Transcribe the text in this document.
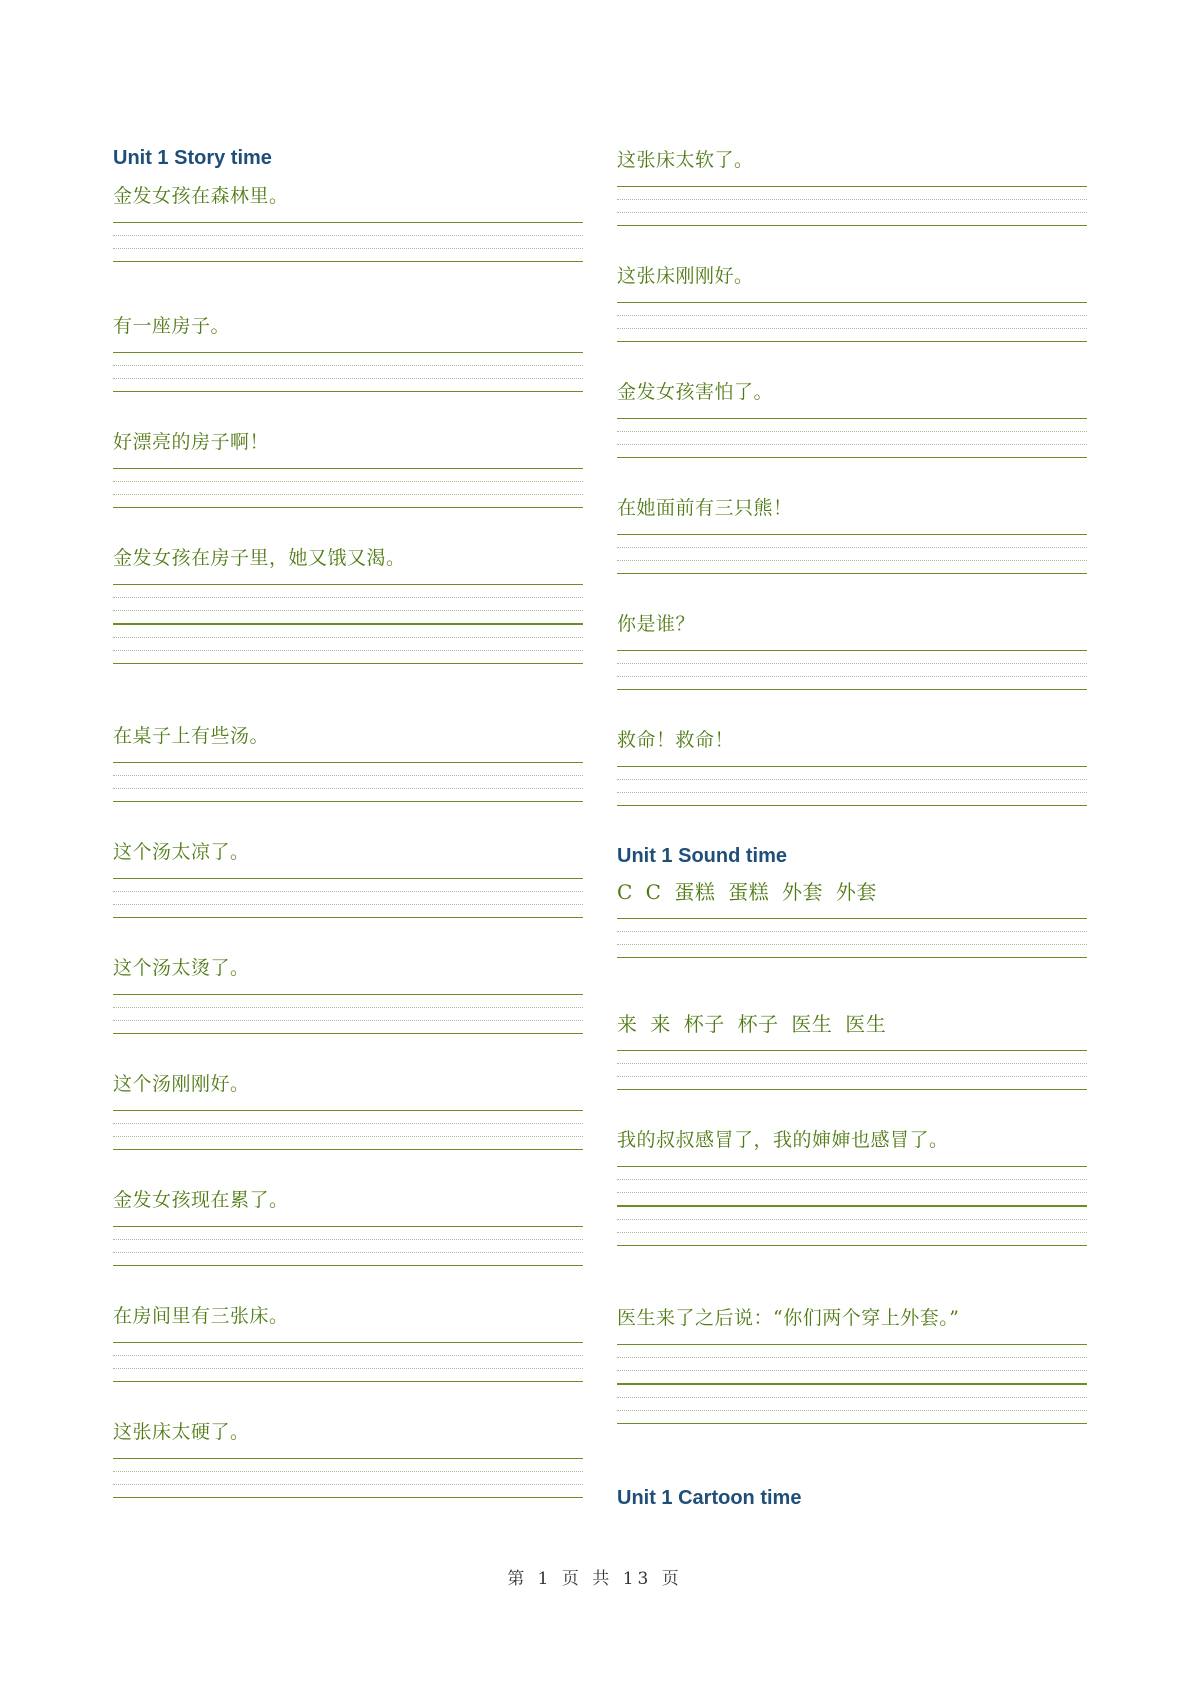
Unit 1 Story time
金发女孩在森林里。
有一座房子。
好漂亮的房子啊！
金发女孩在房子里，她又饿又渴。
在桌子上有些汤。
这个汤太凉了。
这个汤太烫了。
这个汤刚刚好。
金发女孩现在累了。
在房间里有三张床。
这张床太硬了。
这张床太软了。
这张床刚刚好。
金发女孩害怕了。
在她面前有三只熊！
你是谁？
救命！救命！
Unit 1 Sound time
C C 蛋糕 蛋糕 外套 外套
来 来 杯子 杯子 医生 医生
我的叔叔感冒了，我的婶婶也感冒了。
医生来了之后说：“你们两个穿上外套。”
Unit 1 Cartoon time
第 1 页 共 13 页
